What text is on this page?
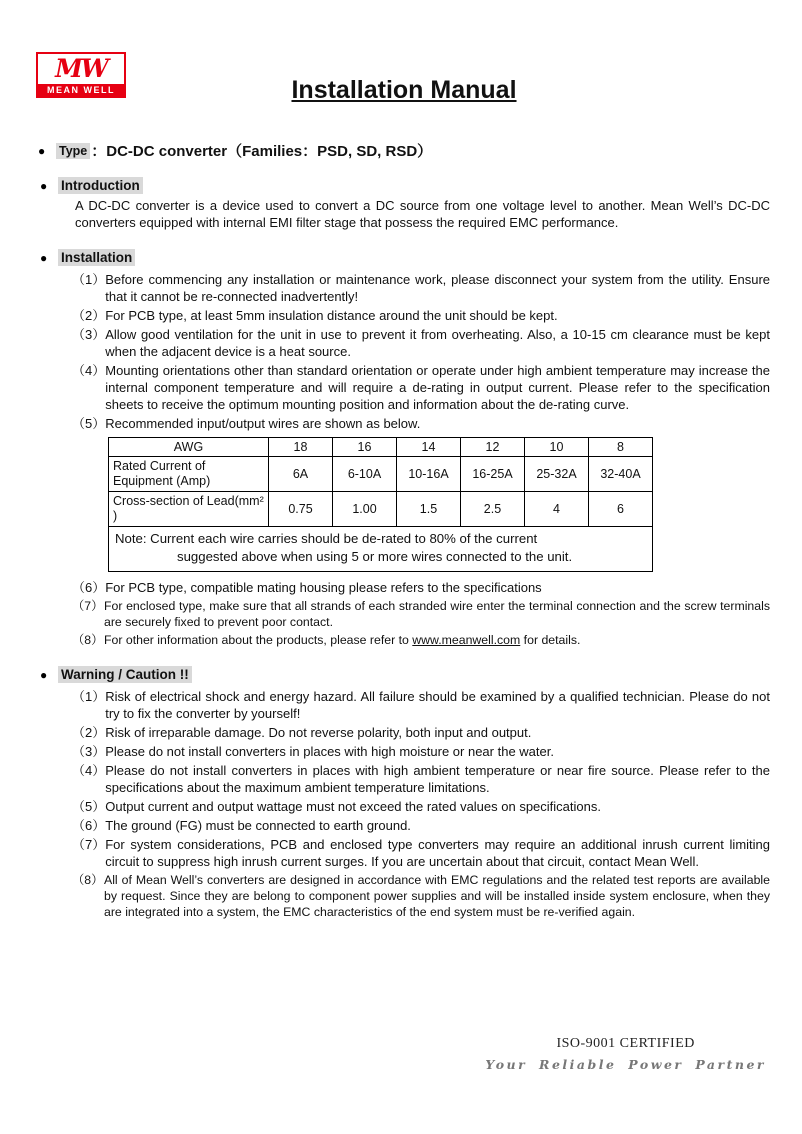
MW
MEAN WELL	Installation Manual
●	Type ：DC-DC converter（Families：PSD, SD, RSD）
●	Introduction

A DC-DC converter is a device used to convert a DC source from one voltage level to another. Mean Well’s DC-DC converters equipped with internal EMI filter stage that possess the required EMC performance.

●	Installation
（1） Before commencing any installation or maintenance work, please disconnect your system from the utility. Ensure that it cannot be re-connected inadvertently!
（2） For PCB type, at least 5mm insulation distance around the unit should be kept.
（3） Allow good ventilation for the unit in use to prevent it from overheating. Also, a 10-15 cm clearance must be kept when the adjacent device is a heat source.
（4） Mounting orientations other than standard orientation or operate under high ambient temperature may increase the internal component temperature and will require a de-rating in output current. Please refer to the specification sheets to receive the optimum mounting position and information about the de-rating curve.
（5） Recommended input/output wires are shown as below.
AWG	18	16	14	12	10	8
Rated Current of Equipment (Amp)	6A	6-10A	10-16A	16-25A	25-32A	32-40A
Cross-section of Lead(mm² )	0.75	1.00	1.5	2.5	4	6

Note: Current each wire carries should be de-rated to 80% of the current
suggested above when using 5 or more wires connected to the unit.						
（6） For PCB type, compatible mating housing please refers to the specifications
（7） For enclosed type, make sure that all strands of each stranded wire enter the terminal connection and the screw terminals are securely fixed to prevent poor contact.
（8） For other information about the products, please refer to www.meanwell.com for details.
●	Warning / Caution !!
（1） Risk of electrical shock and energy hazard. All failure should be examined by a qualified technician. Please do not try to fix the converter by yourself!
（2） Risk of irreparable damage. Do not reverse polarity, both input and output.
（3） Please do not install converters in places with high moisture or near the water.
（4） Please do not install converters in places with high ambient temperature or near fire source. Please refer to the specifications about the maximum ambient temperature limitations.
（5） Output current and output wattage must not exceed the rated values on specifications.
（6） The ground (FG) must be connected to earth ground.
（7） For system considerations, PCB and enclosed type converters may require an additional inrush current limiting circuit to suppress high inrush current surges. If you are uncertain about that circuit, contact Mean Well.
（8） All of Mean Well’s converters are designed in accordance with EMC regulations and the related test reports are available by request. Since they are belong to component power supplies and will be installed inside system enclosure, when they are integrated into a system, the EMC characteristics of the end system must be re-verified again.
ISO-9001 CERTIFIED
Your Reliable Power Partner
